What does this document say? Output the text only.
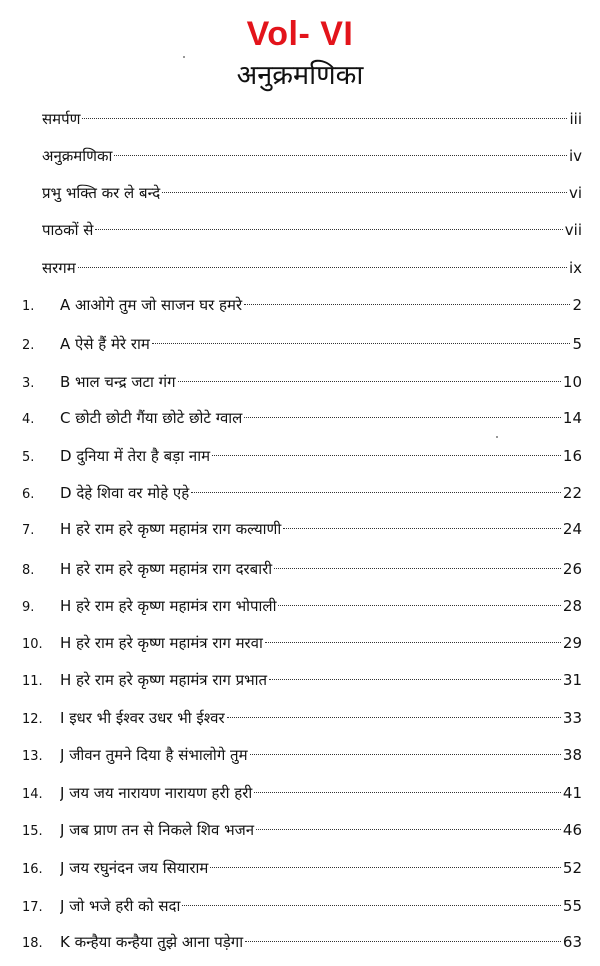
Vol- VI
अनुक्रमणिका
समर्पण	iii
अनुक्रमणिका	iv
प्रभु भक्ति कर ले बन्दे	vi
पाठकों से	vii
सरगम	ix
1. A आओगे तुम जो साजन घर हमरे	2
2. A ऐसे हैं मेरे राम	5
3. B भाल चन्द्र जटा गंग	10
4. C छोटी छोटी गैंया छोटे छोटे ग्वाल	14
5. D दुनिया में तेरा है बड़ा नाम	16
6. D देहे शिवा वर मोहे एहे	22
7. H हरे राम हरे कृष्ण महामंत्र राग कल्याणी	24
8. H हरे राम हरे कृष्ण महामंत्र राग दरबारी	26
9. H हरे राम हरे कृष्ण महामंत्र राग भोपाली	28
10. H हरे राम हरे कृष्ण महामंत्र राग मरवा	29
11. H हरे राम हरे कृष्ण महामंत्र राग प्रभात	31
12. I इधर भी ईश्वर उधर भी ईश्वर	33
13. J जीवन तुमने दिया है संभालोगे तुम	38
14. J जय जय नारायण नारायण हरी हरी	41
15. J जब प्राण तन से निकले शिव भजन	46
16. J जय रघुनंदन जय सियाराम	52
17. J जो भजे हरी को सदा	55
18. K कन्हैया कन्हैया तुझे आना पड़ेगा	63
